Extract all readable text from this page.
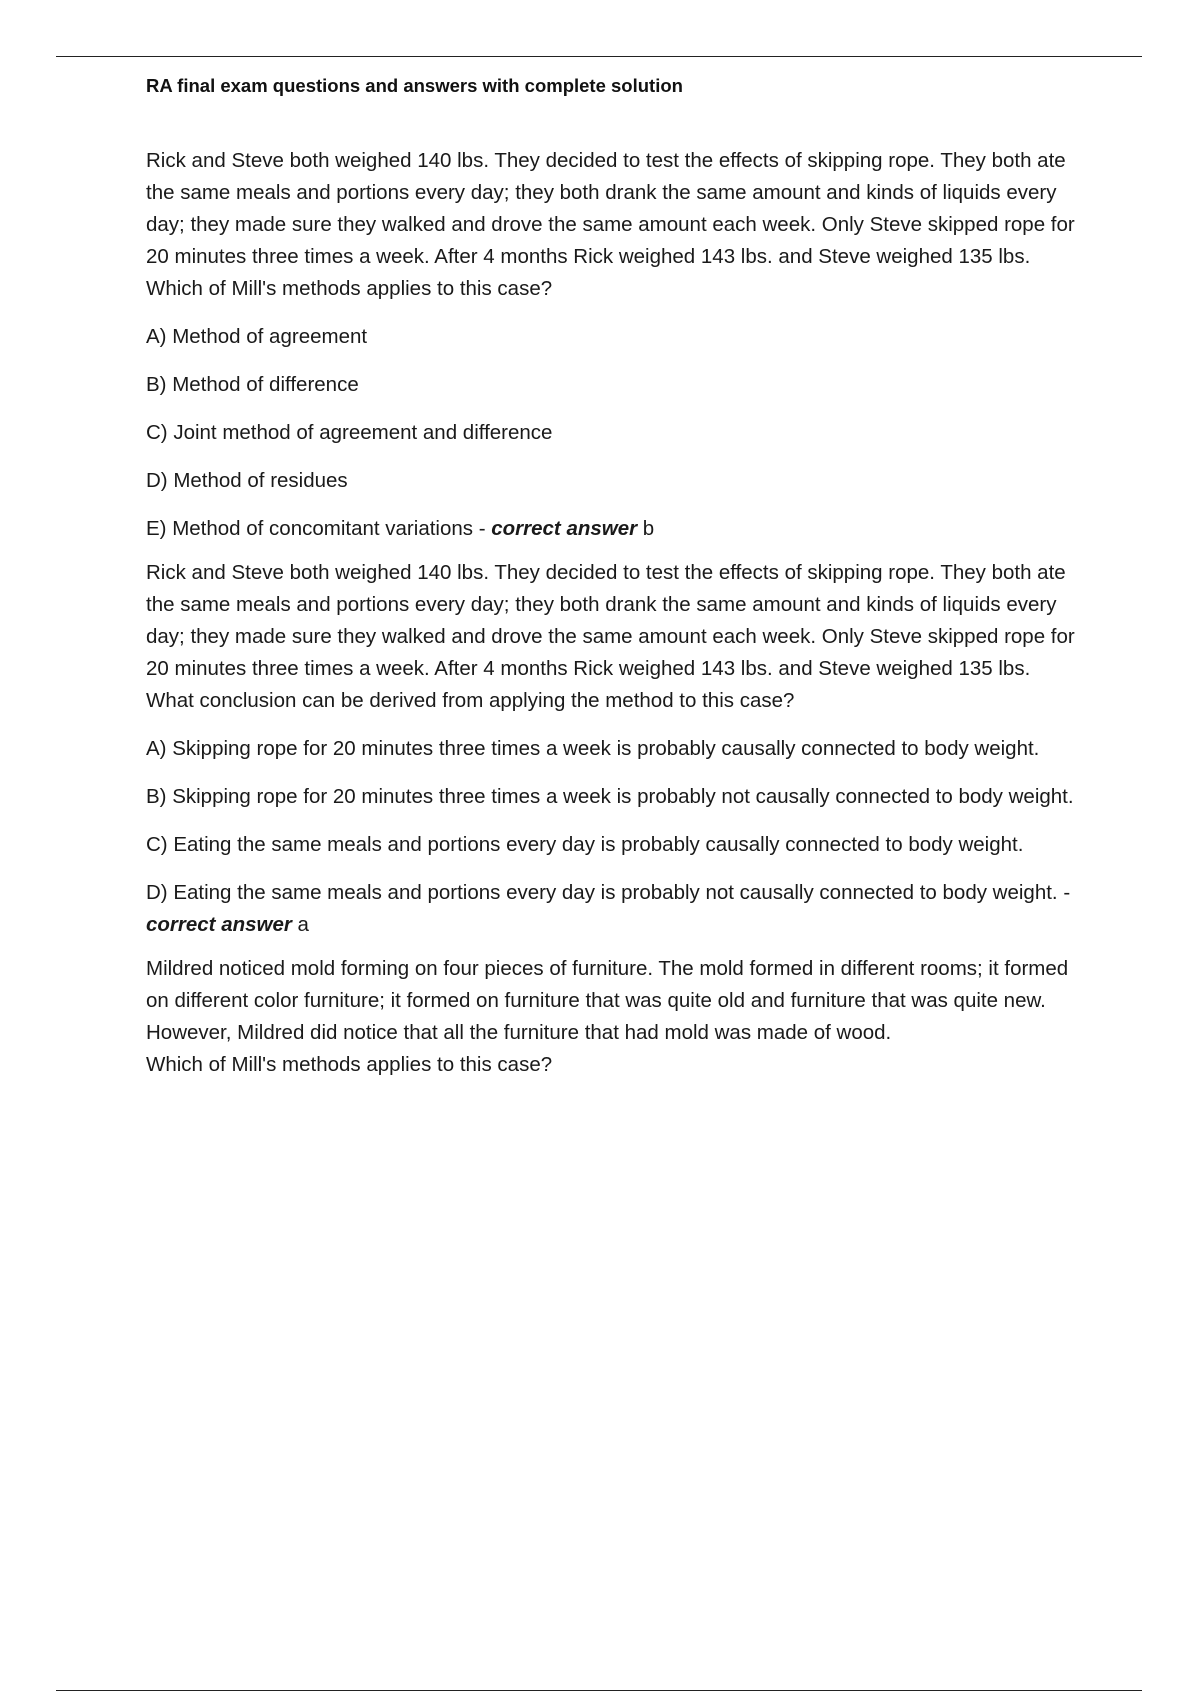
RA final exam questions and answers with complete solution

Rick and Steve both weighed 140 lbs. They decided to test the effects of skipping rope. They both ate the same meals and portions every day; they both drank the same amount and kinds of liquids every day; they made sure they walked and drove the same amount each week. Only Steve skipped rope for 20 minutes three times a week. After 4 months Rick weighed 143 lbs. and Steve weighed 135 lbs.

Which of Mill's methods applies to this case?

A) Method of agreement

B) Method of difference

C) Joint method of agreement and difference

D) Method of residues

E) Method of concomitant variations - correct answer b

Rick and Steve both weighed 140 lbs. They decided to test the effects of skipping rope. They both ate the same meals and portions every day; they both drank the same amount and kinds of liquids every day; they made sure they walked and drove the same amount each week. Only Steve skipped rope for 20 minutes three times a week. After 4 months Rick weighed 143 lbs. and Steve weighed 135 lbs.

What conclusion can be derived from applying the method to this case?

A) Skipping rope for 20 minutes three times a week is probably causally connected to body weight.

B) Skipping rope for 20 minutes three times a week is probably not causally connected to body weight.

C) Eating the same meals and portions every day is probably causally connected to body weight.

D) Eating the same meals and portions every day is probably not causally connected to body weight. - correct answer a

Mildred noticed mold forming on four pieces of furniture. The mold formed in different rooms; it formed on different color furniture; it formed on furniture that was quite old and furniture that was quite new. However, Mildred did notice that all the furniture that had mold was made of wood.

Which of Mill's methods applies to this case?
